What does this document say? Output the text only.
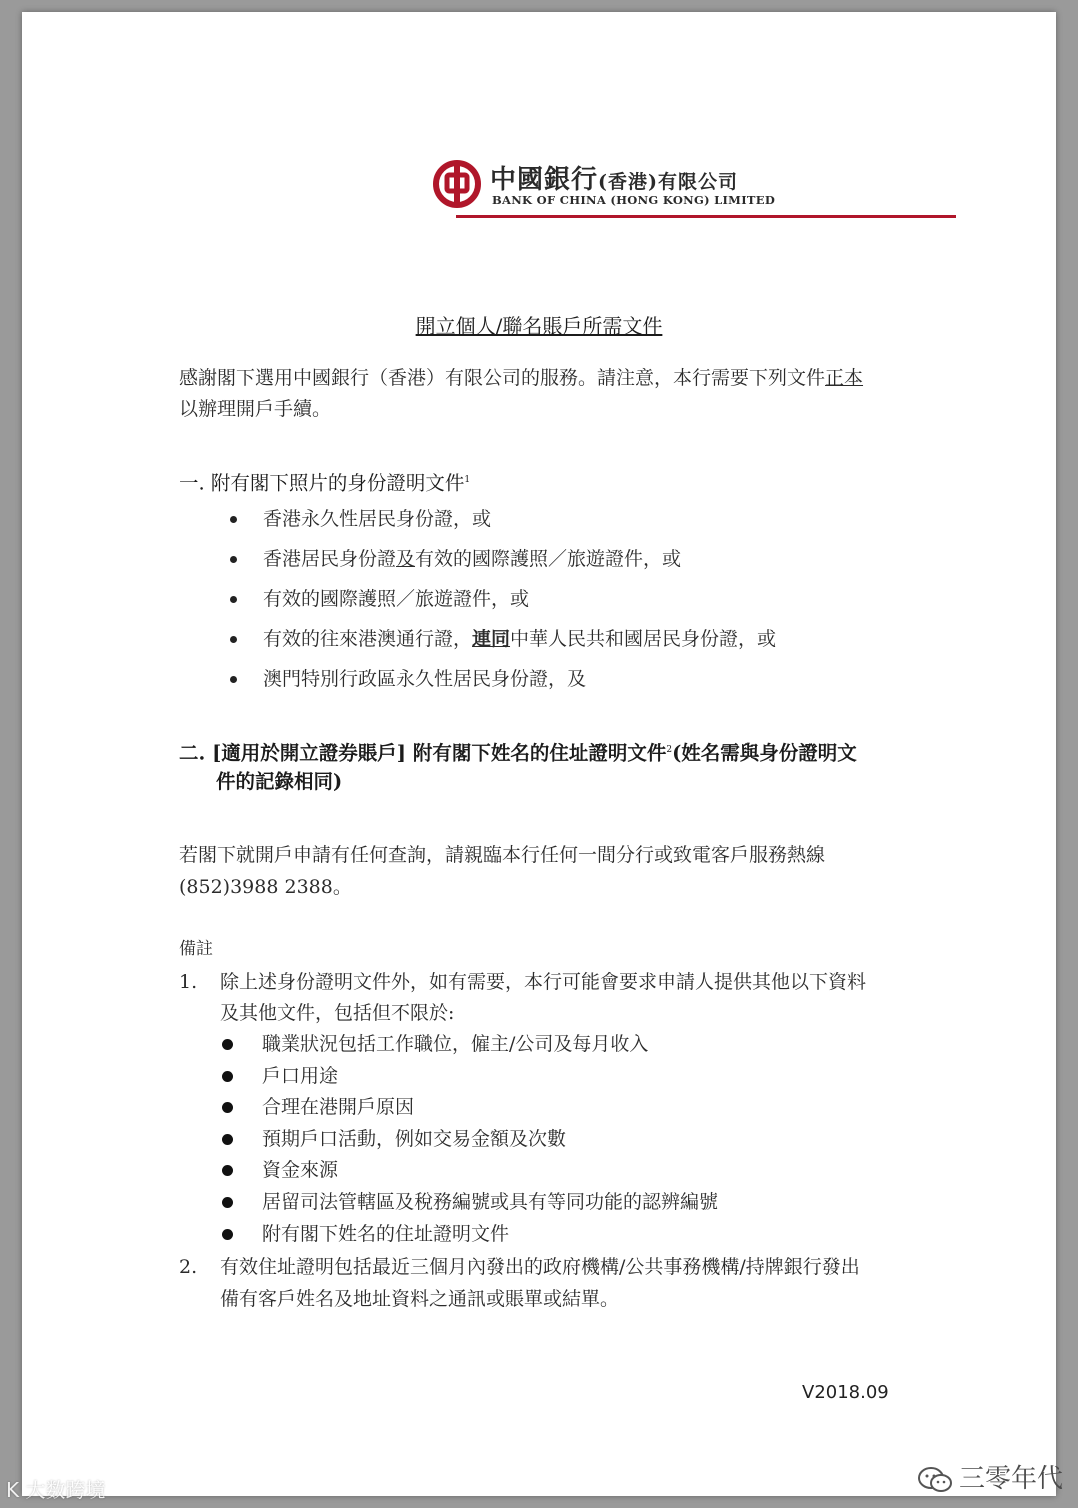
中國銀行(香港)有限公司
BANK OF CHINA (HONG KONG) LIMITED
開立個人/聯名賬戶所需文件
感謝閣下選用中國銀行（香港）有限公司的服務。請注意，本行需要下列文件正本
以辦理開戶手續。
一. 附有閣下照片的身份證明文件$^1$
香港永久性居民身份證，或
香港居民身份證及有效的國際護照／旅遊證件，或
有效的國際護照／旅遊證件，或
有效的往來港澳通行證，連同中華人民共和國居民身份證，或
澳門特別行政區永久性居民身份證，及
二. [適用於開立證券賬戶] 附有閣下姓名的住址證明文件$^2$(姓名需與身份證明文
件的記錄相同)
若閣下就開戶申請有任何查詢，請親臨本行任何一間分行或致電客戶服務熱線
(852)3988 2388。
備註
1. 除上述身份證明文件外，如有需要，本行可能會要求申請人提供其他以下資料
及其他文件，包括但不限於:
職業狀況包括工作職位，僱主/公司及每月收入
戶口用途
合理在港開戶原因
預期戶口活動，例如交易金額及次數
資金來源
居留司法管轄區及稅務編號或具有等同功能的認辨編號
附有閣下姓名的住址證明文件
2. 有效住址證明包括最近三個月內發出的政府機構/公共事務機構/持牌銀行發出
備有客戶姓名及地址資料之通訊或賬單或結單。
V2018.09
三零年代
K 大数跨境
